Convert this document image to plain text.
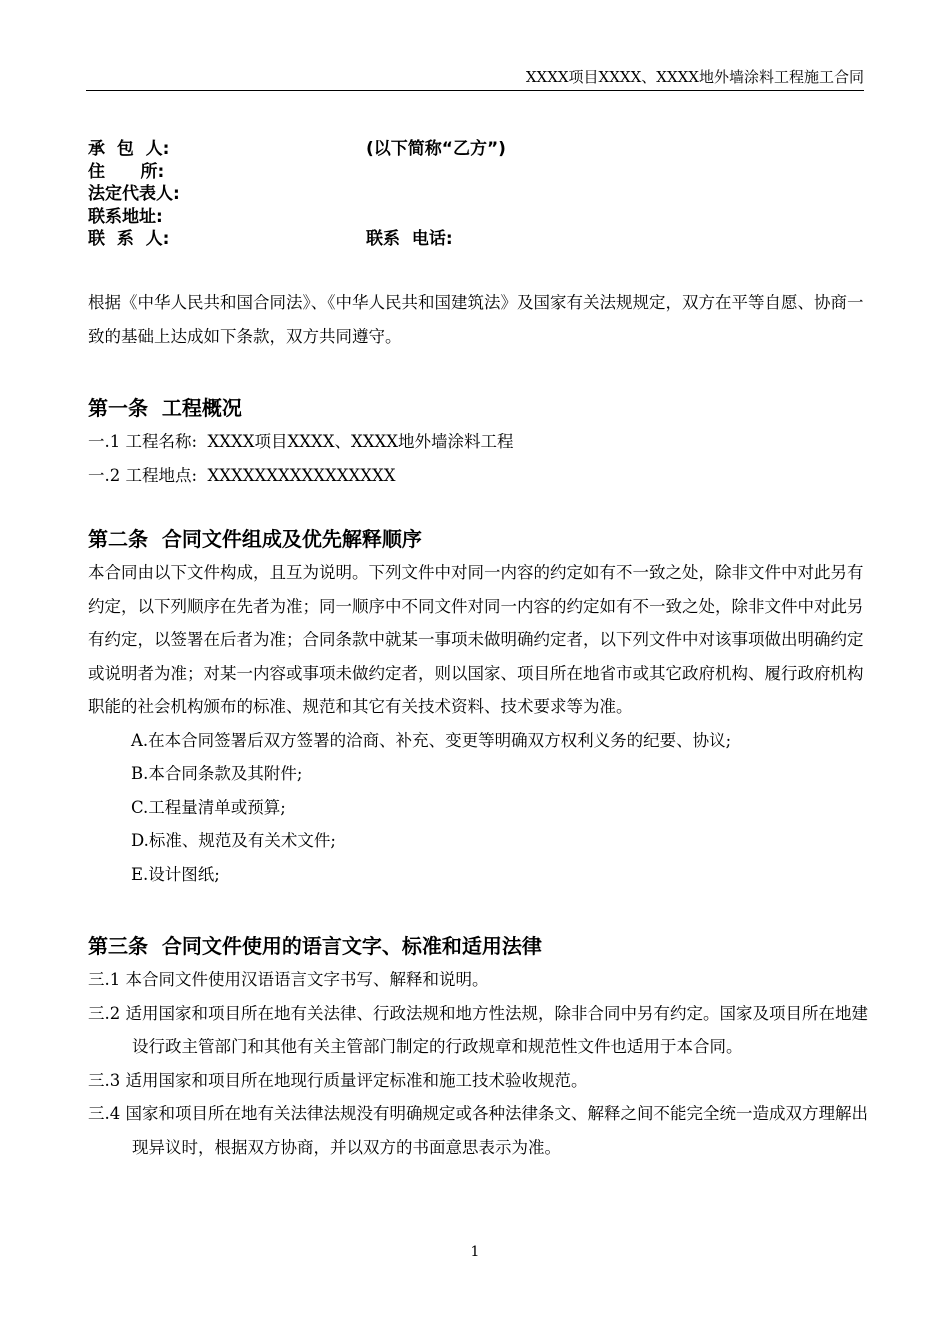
XXXX项目XXXX、XXXX地外墙涂料工程施工合同
承  包  人:	(以下简称“乙方”)
住      所:
法定代表人:
联系地址:
联  系  人:	联系  电话:

根据《中华人民共和国合同法》、《中华人民共和国建筑法》及国家有关法规规定，双方在平等自愿、协商一致的基础上达成如下条款，双方共同遵守。

第一条  工程概况

一.1 工程名称:  XXXX项目XXXX、XXXX地外墙涂料工程

一.2 工程地点:  XXXXXXXXXXXXXXXX

第二条  合同文件组成及优先解释顺序

本合同由以下文件构成，且互为说明。下列文件中对同一内容的约定如有不一致之处，除非文件中对此另有约定，以下列顺序在先者为准；同一顺序中不同文件对同一内容的约定如有不一致之处，除非文件中对此另有约定，以签署在后者为准；合同条款中就某一事项未做明确约定者，以下列文件中对该事项做出明确约定或说明者为准；对某一内容或事项未做约定者，则以国家、项目所在地省市或其它政府机构、履行政府机构职能的社会机构颁布的标准、规范和其它有关技术资料、技术要求等为准。

A.在本合同签署后双方签署的洽商、补充、变更等明确双方权利义务的纪要、协议;

B.本合同条款及其附件;

C.工程量清单或预算;

D.标准、规范及有关术文件;

E.设计图纸;

第三条  合同文件使用的语言文字、标准和适用法律

三.1 本合同文件使用汉语语言文字书写、解释和说明。

三.2 适用国家和项目所在地有关法律、行政法规和地方性法规，除非合同中另有约定。国家及项目所在地建设行政主管部门和其他有关主管部门制定的行政规章和规范性文件也适用于本合同。

三.3 适用国家和项目所在地现行质量评定标准和施工技术验收规范。

三.4 国家和项目所在地有关法律法规没有明确规定或各种法律条文、解释之间不能完全统一造成双方理解出现异议时，根据双方协商，并以双方的书面意思表示为准。

1
